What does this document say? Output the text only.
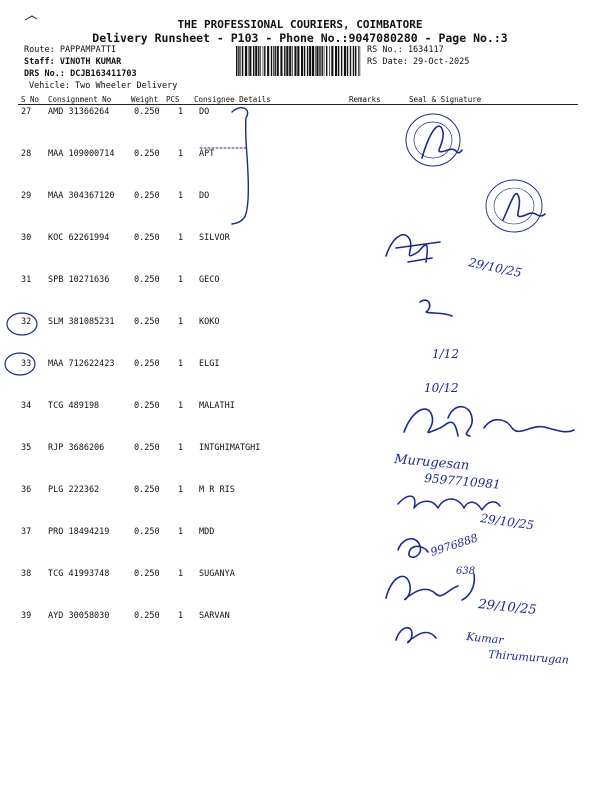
THE PROFESSIONAL COURIERS, COIMBATORE
Delivery Runsheet - P103 - Phone No.:9047080280 - Page No.:3
Route: PAPPAMPATTI
Staff: VINOTH KUMAR
DRS No.: DCJB163411703
Vehicle: Two Wheeler Delivery
RS No.: 1634117
RS Date: 29-Oct-2025
S No Consignment No	Weight PCS Consignee Details	Remarks	Seal & Signature
27 AMD 31366264	0.250 1 DO
28 MAA 109000714 0.250 1 APT
29 MAA 304367120 0.250 1 DO
30 KOC 62261994	0.250 1 SILVOR
31 SPB 10271636	0.250 1 GECO
32 SLM 381085231 0.250 1 KOKO
33 MAA 712622423 0.250 1 ELGI
34 TCG 489198	0.250 1 MALATHI
35 RJP 3686206	0.250 1 INTGHIMATGHI
36 PLG 222362	0.250 1 M R RIS
37 PRO 18494219	0.250 1 MDD
38 TCG 41993748	0.250 1 SUGANYA
39 AYD 30058030	0.250 1 SARVAN
29/10/25
1/12
10/12
Murugesan
9597710981
29/10/25
9976888
638
29/10/25
Kumar
Thirumurugan
